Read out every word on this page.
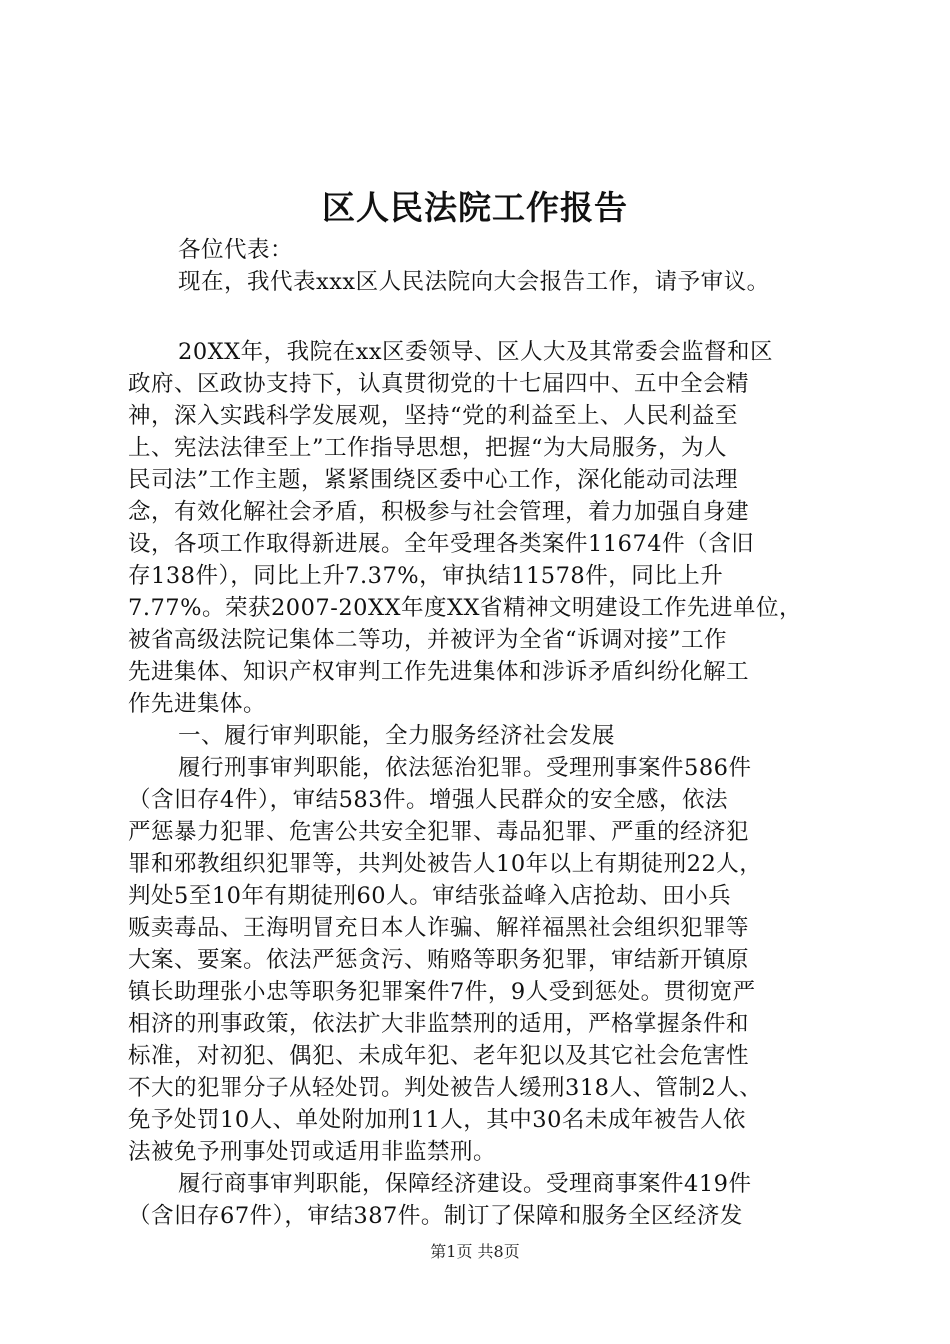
区人民法院工作报告
各位代表：
现在，我代表xxx区人民法院向大会报告工作，请予审议。
20XX年，我院在xx区委领导、区人大及其常委会监督和区
政府、区政协支持下，认真贯彻党的十七届四中、五中全会精
神，深入实践科学发展观，坚持“党的利益至上、人民利益至
上、宪法法律至上”工作指导思想，把握“为大局服务，为人
民司法”工作主题，紧紧围绕区委中心工作，深化能动司法理
念，有效化解社会矛盾，积极参与社会管理，着力加强自身建
设，各项工作取得新进展。全年受理各类案件11674件（含旧
存138件），同比上升7.37%，审执结11578件，同比上升
7.77%。荣获2007-20XX年度XX省精神文明建设工作先进单位，
被省高级法院记集体二等功，并被评为全省“诉调对接”工作
先进集体、知识产权审判工作先进集体和涉诉矛盾纠纷化解工
作先进集体。
一、履行审判职能，全力服务经济社会发展
履行刑事审判职能，依法惩治犯罪。受理刑事案件586件
（含旧存4件），审结583件。增强人民群众的安全感，依法
严惩暴力犯罪、危害公共安全犯罪、毒品犯罪、严重的经济犯
罪和邪教组织犯罪等，共判处被告人10年以上有期徒刑22人，
判处5至10年有期徒刑60人。审结张益峰入店抢劫、田小兵
贩卖毒品、王海明冒充日本人诈骗、解祥福黑社会组织犯罪等
大案、要案。依法严惩贪污、贿赂等职务犯罪，审结新开镇原
镇长助理张小忠等职务犯罪案件7件，9人受到惩处。贯彻宽严
相济的刑事政策，依法扩大非监禁刑的适用，严格掌握条件和
标准，对初犯、偶犯、未成年犯、老年犯以及其它社会危害性
不大的犯罪分子从轻处罚。判处被告人缓刑318人、管制2人、
免予处罚10人、单处附加刑11人，其中30名未成年被告人依
法被免予刑事处罚或适用非监禁刑。
履行商事审判职能，保障经济建设。受理商事案件419件
（含旧存67件），审结387件。制订了保障和服务全区经济发
第1页 共8页
